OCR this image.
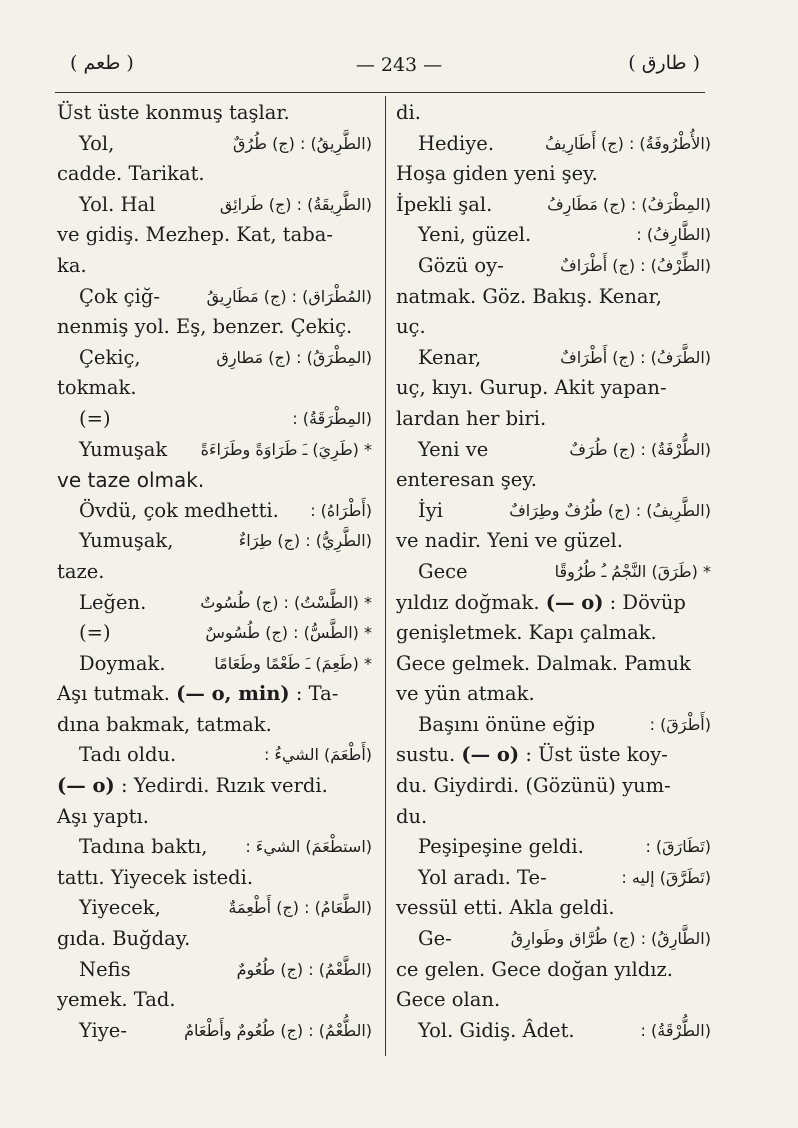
( طعم )	— 243 —	( طارق )
Üst üste konmuş taşlar.
Yol,	(الطَّرِيقُ) : (ج) طُرُقٌ
cadde. Tarikat.
Yol. Hal	(الطَّرِيقَةُ) : (ج) طَرائِق
ve gidiş. Mezhep. Kat, taba-
ka.
Çok çiğ-	(المُطْرَاق) : (ج) مَطَارِيقُ
nenmiş yol. Eş, benzer. Çekiç.
Çekiç,	(المِطْرَقُ) : (ج) مَطارِق
tokmak.
(=)	(المِطْرَقَةُ) :
Yumuşak	* (طَرِيَ) ـَ طَرَاوَةً وطَرَاءَةً
ve taze olmak.
Övdü, çok medhetti.	(أَطْرَاهُ) :
Yumuşak,	(الطَّرِيُّ) : (ج) طِرَاءٌ
taze.
Leğen.	* (الطَّسْتُ) : (ج) طُسُوتٌ
(=)	* (الطَّسُّ) : (ج) طُسُوسٌ
Doymak.	* (طَعِمَ) ـَ طَعْمًا وطَعَامًا
Aşı tutmak. (— o, min) : Ta-
dına bakmak, tatmak.
Tadı oldu.	(أَطْعَمَ) الشيءُ :
(— o) : Yedirdi. Rızık verdi.
Aşı yaptı.
Tadına baktı,	(استطْعَمَ) الشيءَ :
tattı. Yiyecek istedi.
Yiyecek,	(الطَّعَامُ) : (ج) أَطْعِمَةٌ
gıda. Buğday.
Nefis	(الطَّعْمُ) : (ج) طُعُومٌ
yemek. Tad.
Yiye-	(الطُّعْمُ) : (ج) طُعُومٌ وأَطْعَامٌ
di.
Hediye.	(الأُطْرُوفَةُ) : (ج) أَطَارِيفُ
Hoşa giden yeni şey.
İpekli şal.	(المِطْرَفُ) : (ج) مَطَارِفُ
Yeni, güzel.	(الطَّارِفُ) :
Gözü oy-	(الطِّرْفُ) : (ج) أَطْرَافٌ
natmak. Göz. Bakış. Kenar,
uç.
Kenar,	(الطَّرَفُ) : (ج) أَطْرَافٌ
uç, kıyı. Gurup. Akit yapan-
lardan her biri.
Yeni ve	(الطُّرْفَةُ) : (ج) طُرَفٌ
enteresan şey.
İyi	(الطَّرِيفُ) : (ج) طُرُفٌ وطِرَافٌ
ve nadir. Yeni ve güzel.
Gece	* (طَرَقَ) النَّجْمُ ـُ طُرُوقًا
yıldız doğmak. (— o) : Dövüp
genişletmek. Kapı çalmak.
Gece gelmek. Dalmak. Pamuk
ve yün atmak.
Başını önüne eğip	(أَطْرَقَ) :
sustu. (— o) : Üst üste koy-
du. Giydirdi. (Gözünü) yum-
du.
Peşipeşine geldi.	(تَطَارَقَ) :
Yol aradı. Te-	(تَطَرَّقَ) إليه :
vessül etti. Akla geldi.
Ge-	(الطَّارِقُ) : (ج) طُرَّاق وطَوارِقُ
ce gelen. Gece doğan yıldız.
Gece olan.
Yol. Gidiş. Âdet.	(الطُّرْقَةُ) :
